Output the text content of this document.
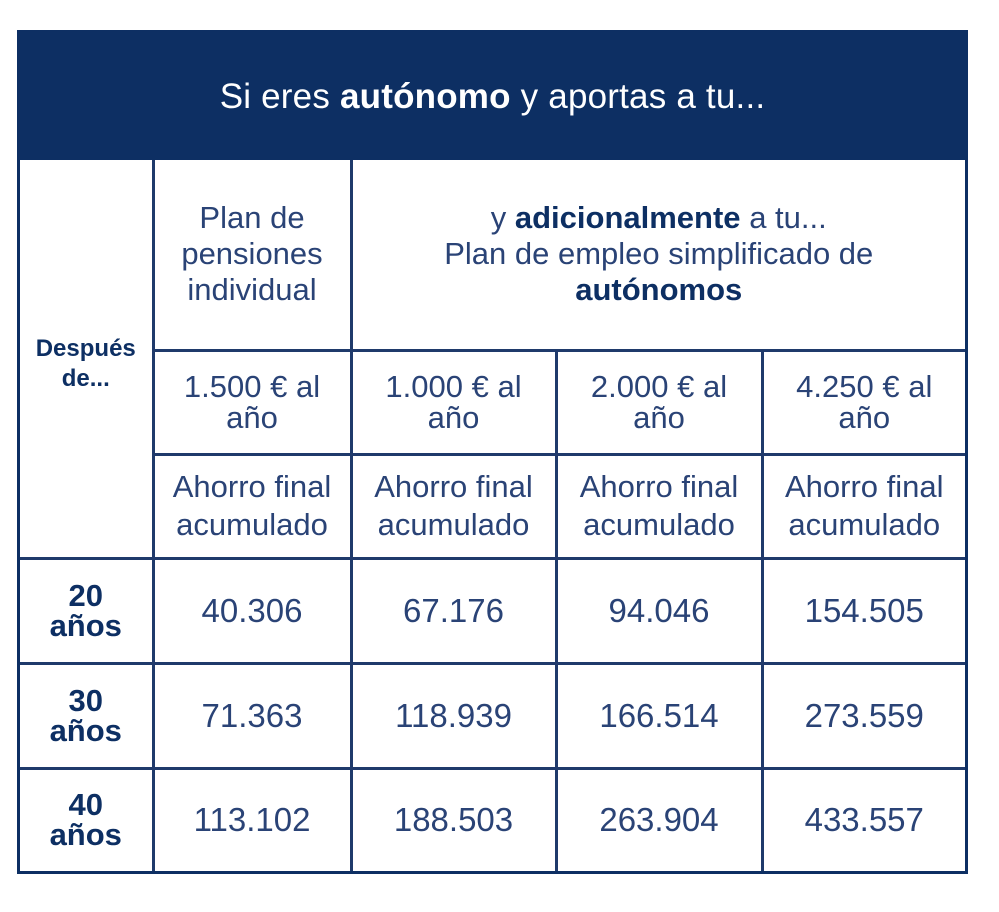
Si eres
autónomo
y aportas a tu...
Después
de...	Plan de
pensiones
individual	y adicionalmente a tu...
Plan de empleo simplificado de
autónomos		

	1.500 € al
año	1.000 € al
año	2.000 € al
año	4.250 € al
año

	Ahorro final
acumulado	Ahorro final
acumulado	Ahorro final
acumulado	Ahorro final
acumulado

20
años	40.306	67.176	94.046	154.505

30
años	71.363	118.939	166.514	273.559

40
años	113.102	188.503	263.904	433.557
